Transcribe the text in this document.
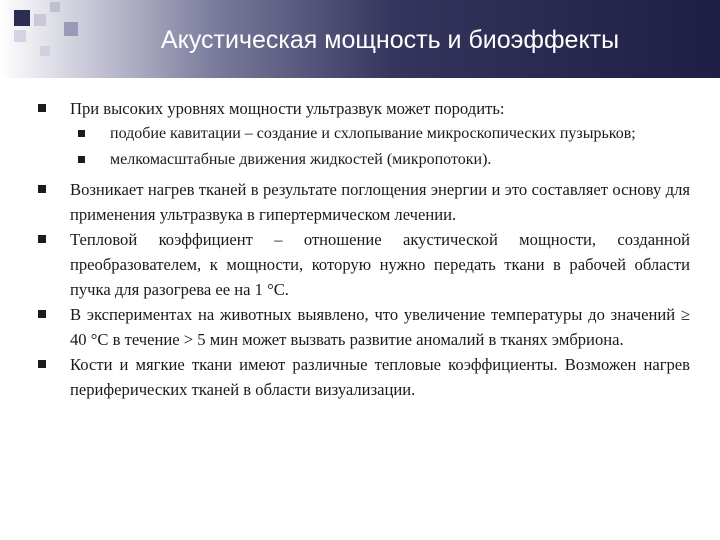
Акустическая мощность и биоэффекты
При высоких уровнях мощности ультразвук может породить:
подобие кавитации – создание и схлопывание микроскопических пузырьков;
мелкомасштабные движения жидкостей (микропотоки).
Возникает нагрев тканей в результате поглощения энергии и это составляет основу для применения ультразвука в гипертермическом лечении.
Тепловой коэффициент – отношение акустической мощности, созданной преобразователем, к мощности, которую нужно передать ткани в рабочей области пучка для разогрева ее на 1 °С.
В экспериментах на животных выявлено, что увеличение температуры до значений ≥ 40 °С в течение > 5 мин может вызвать развитие аномалий в тканях эмбриона.
Кости и мягкие ткани имеют различные тепловые коэффициенты. Возможен нагрев периферических тканей в области визуализации.
